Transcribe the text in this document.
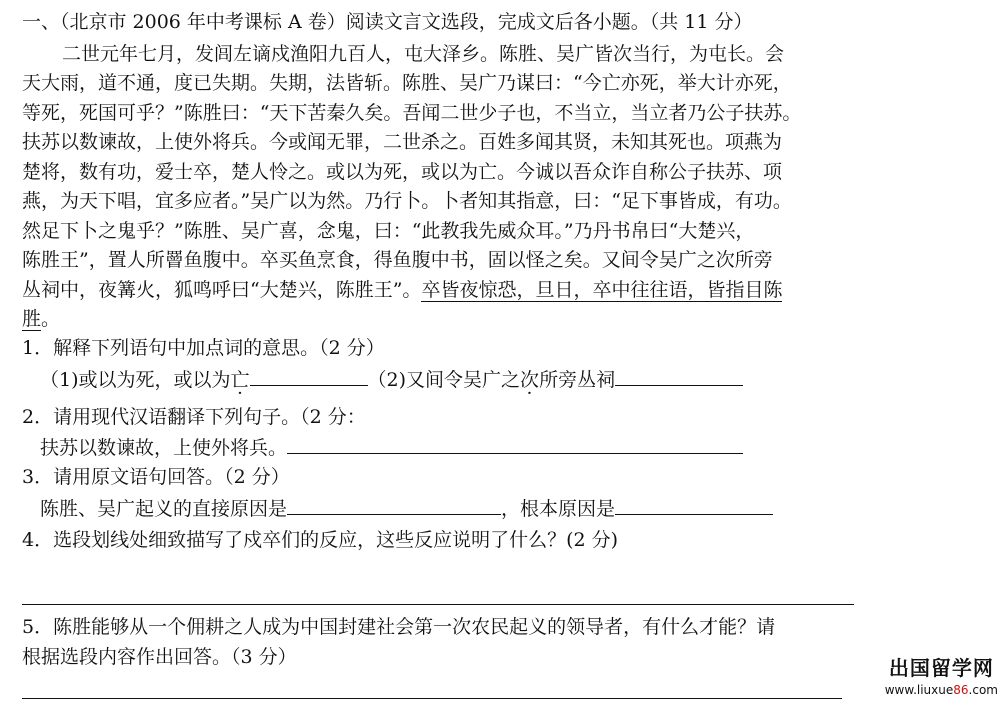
一、（北京市 2006 年中考课标 A 卷）阅读文言文选段，完成文后各小题。（共 11 分）
二世元年七月，发闾左谪戍渔阳九百人，屯大泽乡。陈胜、吴广皆次当行，为屯长。会
天大雨，道不通，度已失期。失期，法皆斩。陈胜、吴广乃谋曰：“今亡亦死，举大计亦死，
等死，死国可乎？”陈胜曰：“天下苦秦久矣。吾闻二世少子也，不当立，当立者乃公子扶苏。
扶苏以数谏故，上使外将兵。今或闻无罪，二世杀之。百姓多闻其贤，未知其死也。项燕为
楚将，数有功，爱士卒，楚人怜之。或以为死，或以为亡。今诚以吾众诈自称公子扶苏、项
燕，为天下唱，宜多应者。”吴广以为然。乃行卜。卜者知其指意，曰：“足下事皆成，有功。
然足下卜之鬼乎？”陈胜、吴广喜，念鬼，曰：“此教我先威众耳。”乃丹书帛曰“大楚兴，
陈胜王”，置人所罾鱼腹中。卒买鱼烹食，得鱼腹中书，固以怪之矣。又间令吴广之次所旁
丛祠中，夜篝火，狐鸣呼曰“大楚兴，陈胜王”。卒皆夜惊恐，旦日，卒中往往语，皆指目陈
胜。
1．解释下列语句中加点词的意思。（2 分）
（1)或以为死，或以为亡	（2)又间令吴广之次所旁丛祠
2．请用现代汉语翻译下列句子。（2 分：
扶苏以数谏故，上使外将兵。
3．请用原文语句回答。（2 分）
陈胜、吴广起义的直接原因是	，根本原因是
4．选段划线处细致描写了戍卒们的反应，这些反应说明了什么？(2 分)
5．陈胜能够从一个佣耕之人成为中国封建社会第一次农民起义的领导者，有什么才能？请
根据选段内容作出回答。（3 分）	出国留学网
www.liuxue86.com
